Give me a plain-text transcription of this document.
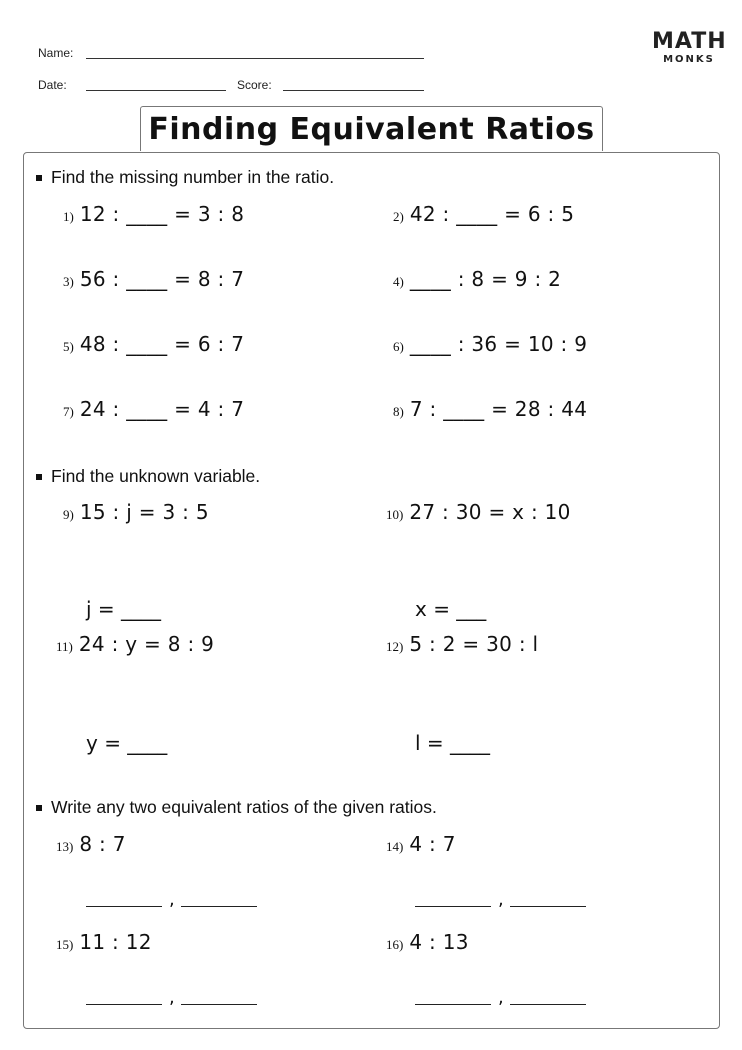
Name:
Date:	Score:
MATH
MONKS
Finding Equivalent Ratios
Find the missing number in the ratio.
1) 12 : ____ = 3 : 8	2) 42 : ____ = 6 : 5
3) 56 : ____ = 8 : 7	4) ____ : 8 = 9 : 2
5) 48 : ____ = 6 : 7	6) ____ : 36 = 10 : 9
7) 24 : ____ = 4 : 7	8) 7 : ____ = 28 : 44
Find the unknown variable.
9) 15 : j = 3 : 5	10) 27 : 30 = x : 10
j = ____	x = ___
11) 24 : y = 8 : 9	12) 5 : 2 = 30 : l
y = ____	l = ____
Write any two equivalent ratios of the given ratios.
13) 8 : 7	14) 4 : 7
,	,
15) 11 : 12	16) 4 : 13
,	,
